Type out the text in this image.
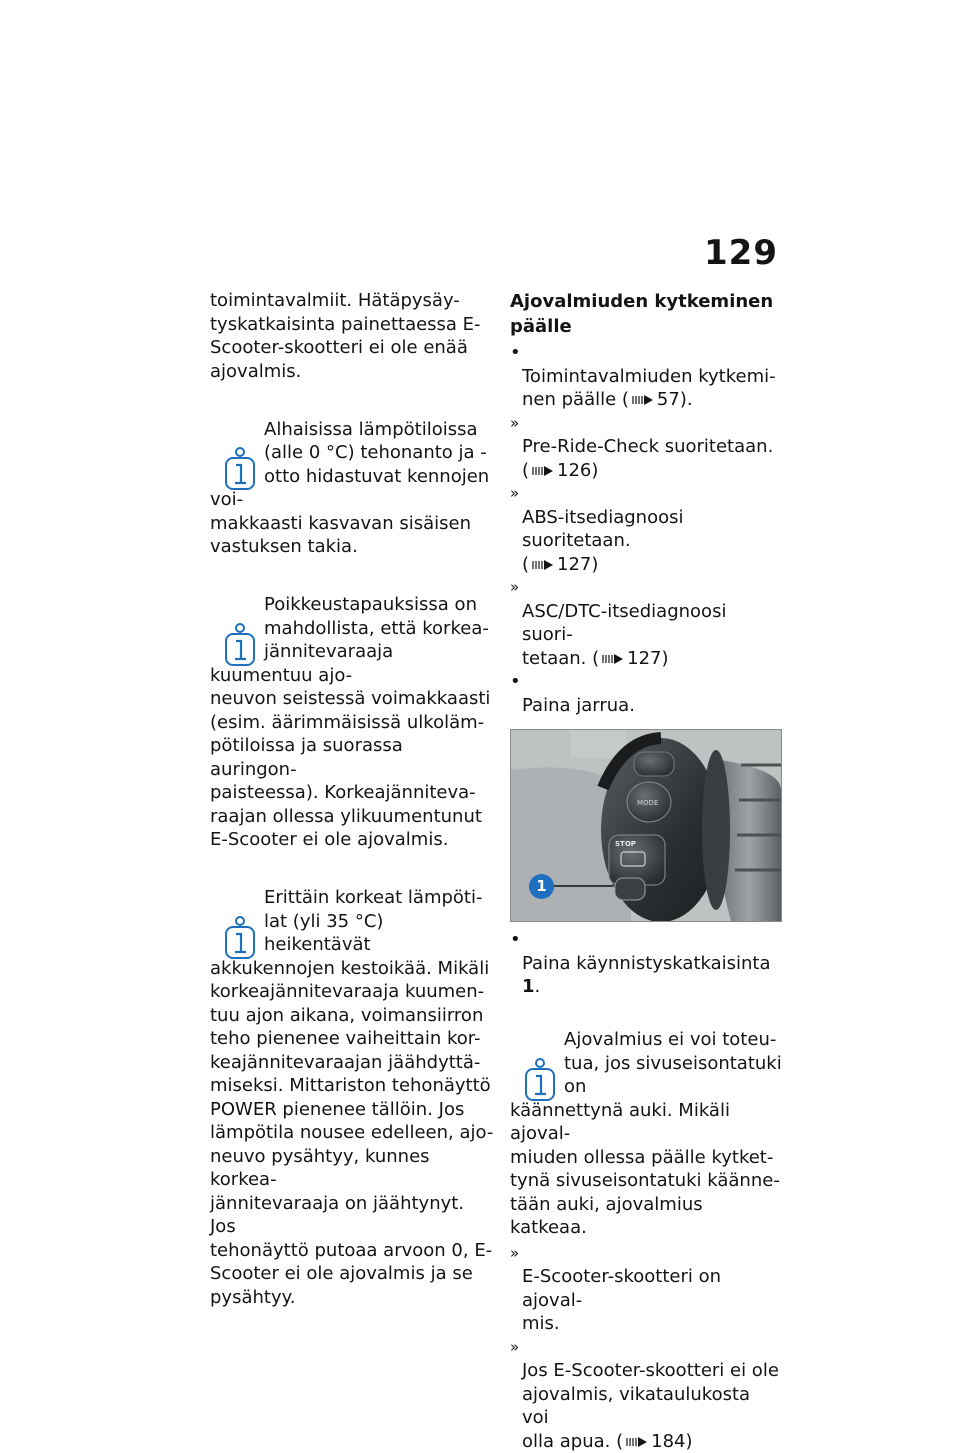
129

toimintavalmiit. Hätäpysäy-
tyskatkaisinta painettaessa E-
Scooter-skootteri ei ole enää
ajovalmis.

Alhaisissa lämpötiloissa
(alle 0 °C) tehonanto ja -
otto hidastuvat kennojen voi-
makkaasti kasvavan sisäisen
vastuksen takia.

Poikkeustapauksissa on
mahdollista, että korkea-
jännitevaraaja kuumentuu ajo-
neuvon seistessä voimakkaasti
(esim. äärimmäisissä ulkoläm-
pötiloissa ja suorassa auringon-
paisteessa). Korkeajänniteva-
raajan ollessa ylikuumentunut
E-Scooter ei ole ajovalmis.

Erittäin korkeat lämpöti-
lat (yli 35 °C) heikentävät
akkukennojen kestoikää. Mikäli
korkeajännitevaraaja kuumen-
tuu ajon aikana, voimansiirron
teho pienenee vaiheittain kor-
keajännitevaraajan jäähdyttä-
miseksi. Mittariston tehonäyttö
POWER pienenee tällöin. Jos
lämpötila nousee edelleen, ajo-
neuvo pysähtyy, kunnes korkea-
jännitevaraaja on jäähtynyt. Jos
tehonäyttö putoaa arvoon 0, E-
Scooter ei ole ajovalmis ja se
pysähtyy.

Ajovalmiuden kytkeminen
päälle

•
Toimintavalmiuden kytkemi-
nen päälle ( 57).

»
Pre-Ride-Check suoritetaan.
( 126)

»
ABS-itsediagnoosi suoritetaan.
( 127)

»
ASC/DTC-itsediagnoosi suori-
tetaan. ( 127)

•
Paina jarrua.

MODE
STOP
1

•
Paina käynnistyskatkaisinta 1.

Ajovalmius ei voi toteu-
tua, jos sivuseisontatuki on
käännettynä auki. Mikäli ajoval-
miuden ollessa päälle kytket-
tynä sivuseisontatuki käänne-
tään auki, ajovalmius katkeaa.

»
E-Scooter-skootteri on ajoval-
mis.

»
Jos E-Scooter-skootteri ei ole
ajovalmis, vikataulukosta voi
olla apua. ( 184)
